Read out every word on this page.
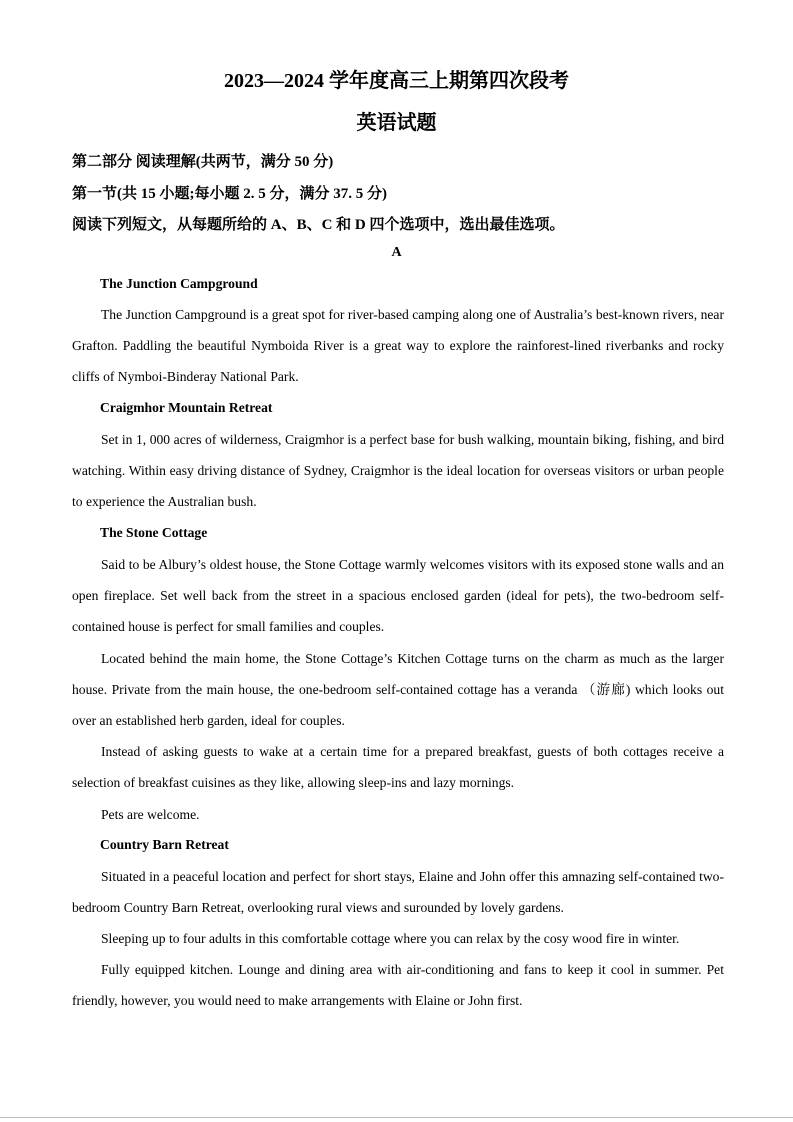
2023—2024 学年度高三上期第四次段考
英语试题
第二部分 阅读理解(共两节，满分 50 分)
第一节(共 15 小题;每小题 2. 5 分，满分 37. 5 分)
阅读下列短文，从每题所给的 A、B、C 和 D 四个选项中，选出最佳选项。
A
The Junction Campground

The Junction Campground is a great spot for river-based camping along one of Australia’s best-known rivers, near Grafton. Paddling the beautiful Nymboida River is a great way to explore the rainforest-lined riverbanks and rocky cliffs of Nymboi-Binderay National Park.

Craigmhor Mountain Retreat

Set in 1, 000 acres of wilderness, Craigmhor is a perfect base for bush walking, mountain biking, fishing, and bird watching. Within easy driving distance of Sydney, Craigmhor is the ideal location for overseas visitors or urban people to experience the Australian bush.

The Stone Cottage

Said to be Albury’s oldest house, the Stone Cottage warmly welcomes visitors with its exposed stone walls and an open fireplace. Set well back from the street in a spacious enclosed garden (ideal for pets), the two-bedroom self-contained house is perfect for small families and couples.

Located behind the main home, the Stone Cottage’s Kitchen Cottage turns on the charm as much as the larger house. Private from the main house, the one-bedroom self-contained cottage has a veranda （游廊) which looks out over an established herb garden, ideal for couples.

Instead of asking guests to wake at a certain time for a prepared breakfast, guests of both cottages receive a selection of breakfast cuisines as they like, allowing sleep-ins and lazy mornings.

Pets are welcome.

Country Barn Retreat

Situated in a peaceful location and perfect for short stays, Elaine and John offer this amnazing self-contained two-bedroom Country Barn Retreat, overlooking rural views and surounded by lovely gardens.

Sleeping up to four adults in this comfortable cottage where you can relax by the cosy wood fire in winter.

Fully equipped kitchen. Lounge and dining area with air-conditioning and fans to keep it cool in summer. Pet friendly, however, you would need to make arrangements with Elaine or John first.
